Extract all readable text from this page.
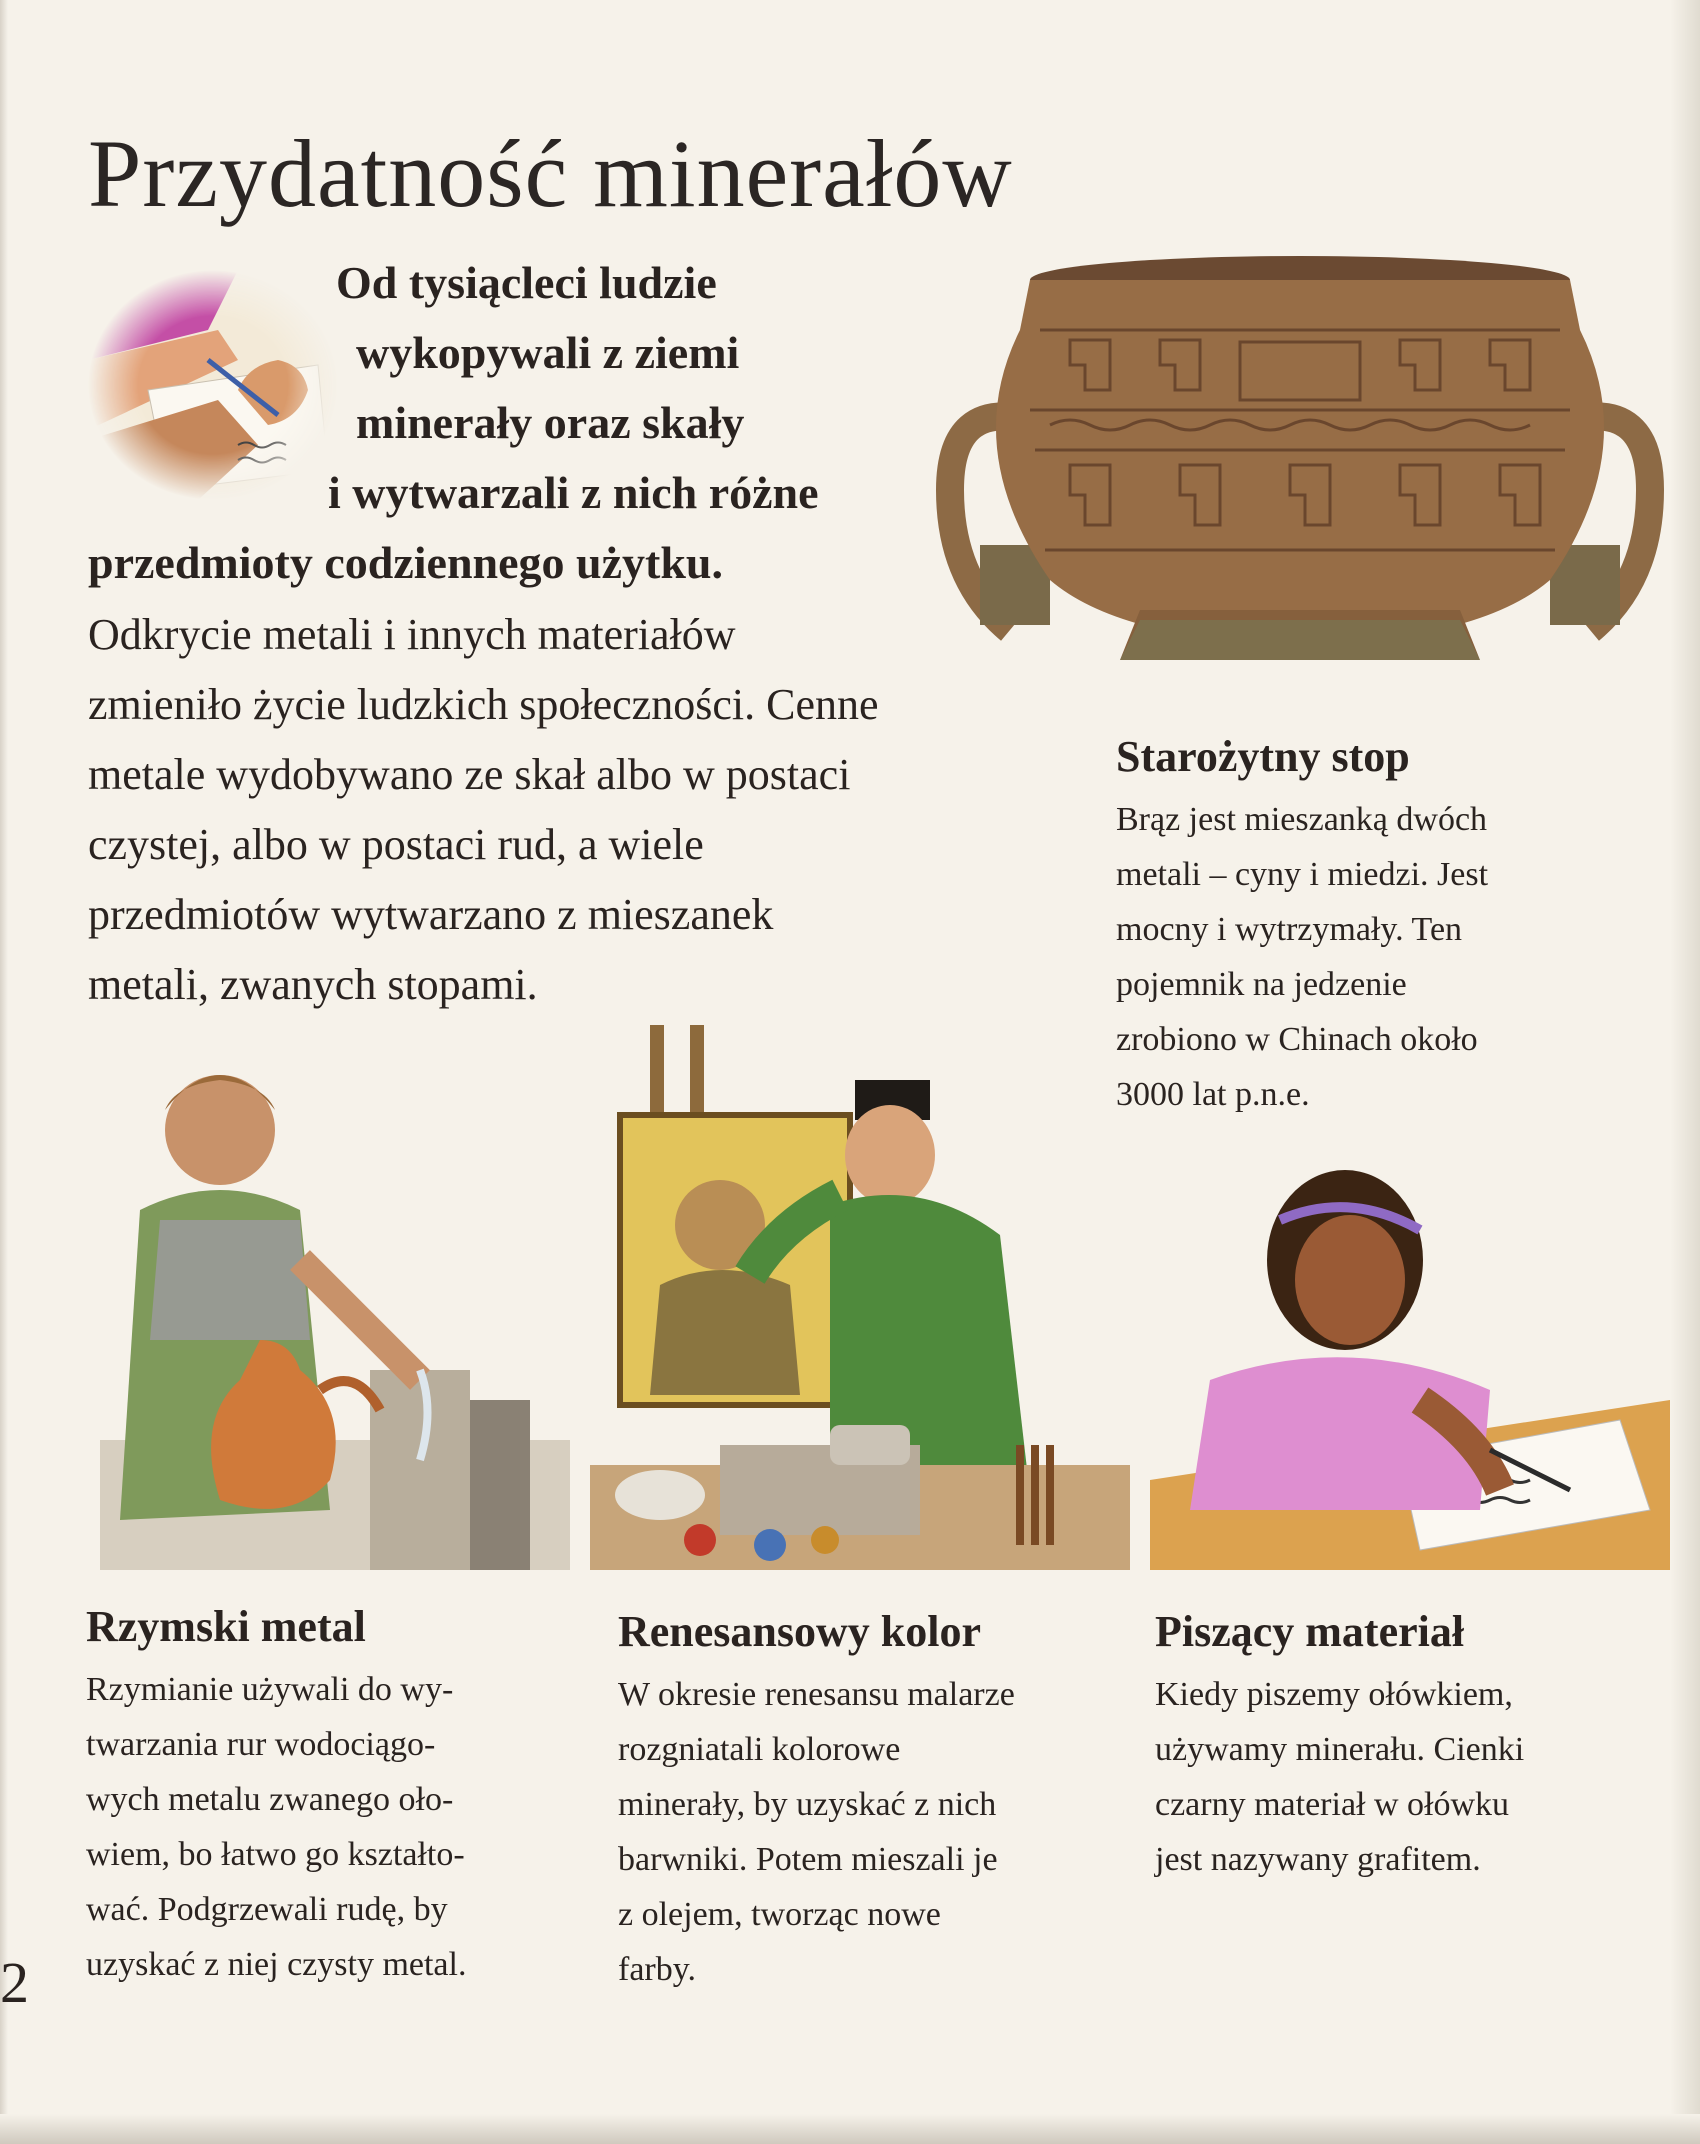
Przydatność minerałów
Od tysiącleci ludzie
wykopywali z ziemi
minerały oraz skały
i wytwarzali z nich różne
przedmioty codziennego użytku.
Odkrycie metali i innych materiałów
zmieniło życie ludzkich społeczności. Cenne
metale wydobywano ze skał albo w postaci
czystej, albo w postaci rud, a wiele
przedmiotów wytwarzano z mieszanek
metali, zwanych stopami.
Starożytny stop

Brąz jest mieszanką dwóch
metali – cyny i miedzi. Jest
mocny i wytrzymały. Ten
pojemnik na jedzenie
zrobiono w Chinach około
3000 lat p.n.e.

Rzymski metal

Rzymianie używali do wy-
twarzania rur wodociągo-
wych metalu zwanego oło-
wiem, bo łatwo go kształto-
wać. Podgrzewali rudę, by
uzyskać z niej czysty metal.

Renesansowy kolor

W okresie renesansu malarze
rozgniatali kolorowe
minerały, by uzyskać z nich
barwniki. Potem mieszali je
z olejem, tworząc nowe
farby.

Piszący materiał

Kiedy piszemy ołówkiem,
używamy minerału. Cienki
czarny materiał w ołówku
jest nazywany grafitem.

2
